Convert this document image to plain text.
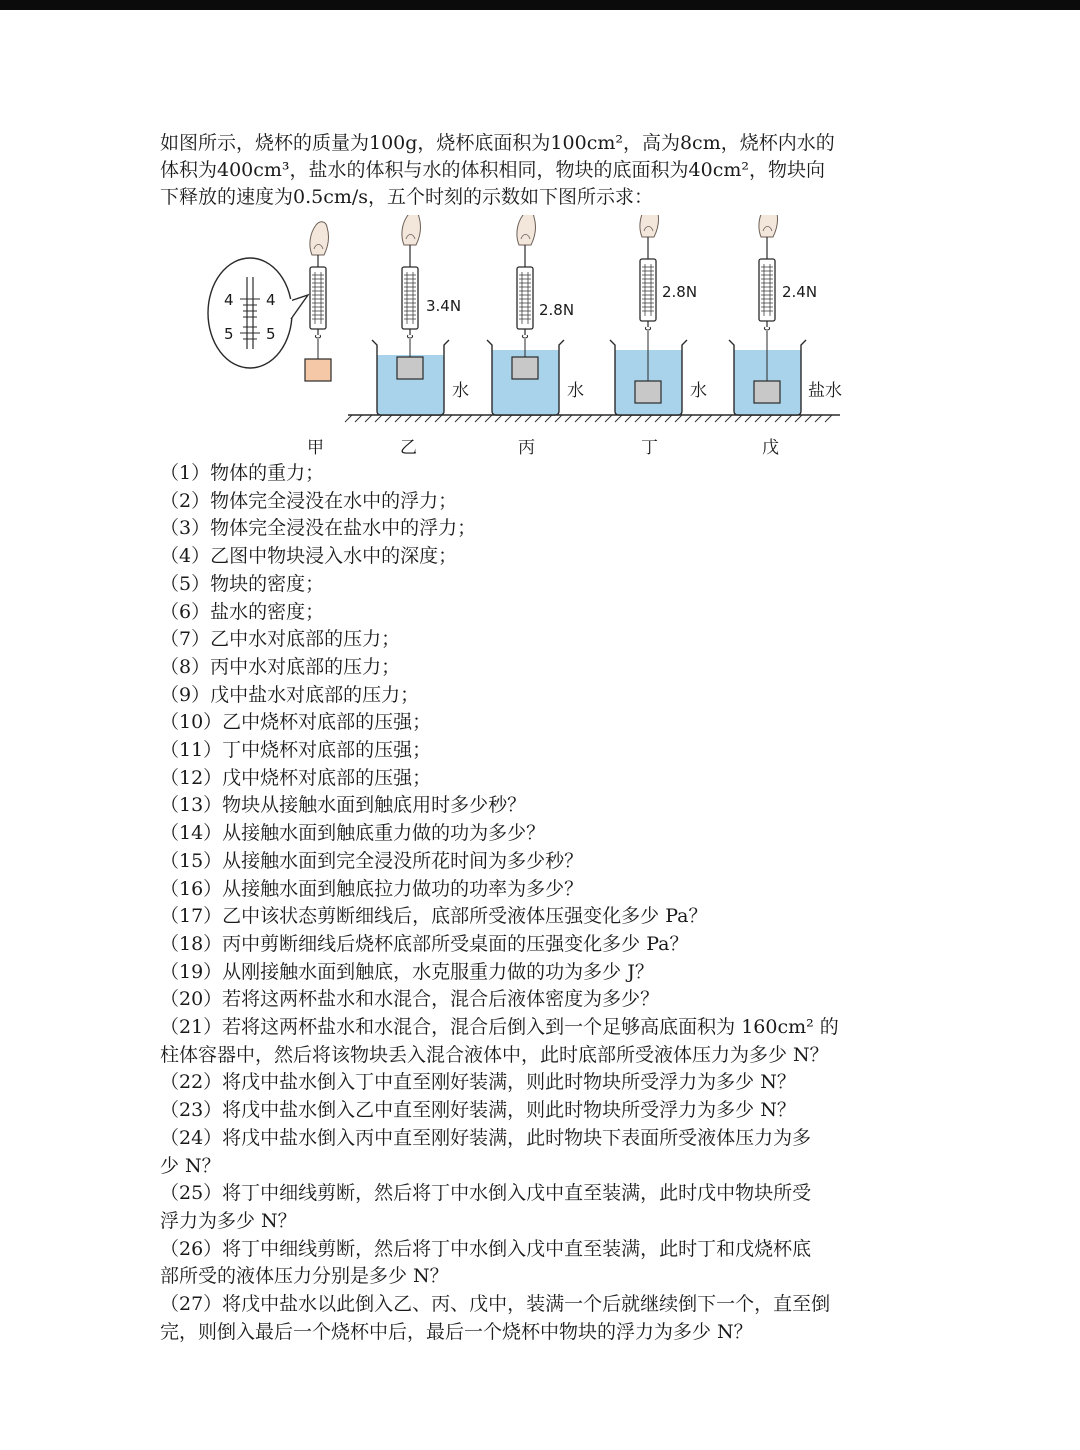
如图所示，烧杯的质量为100g，烧杯底面积为100cm²，高为8cm，烧杯内水的

体积为400cm³，盐水的体积与水的体积相同，物块的底面积为40cm²，物块向

下释放的速度为0.5cm/s，五个时刻的示数如下图所示求：

4 4
5 5
3.4N
水
2.8N
水
2.8N
水
2.4N
盐水
甲	乙	丙	丁	戊
（1）物体的重力；
（2）物体完全浸没在水中的浮力；
（3）物体完全浸没在盐水中的浮力；
（4）乙图中物块浸入水中的深度；
（5）物块的密度；
（6）盐水的密度；
（7）乙中水对底部的压力；
（8）丙中水对底部的压力；
（9）戊中盐水对底部的压力；
（10）乙中烧杯对底部的压强；
（11）丁中烧杯对底部的压强；
（12）戊中烧杯对底部的压强；
（13）物块从接触水面到触底用时多少秒？
（14）从接触水面到触底重力做的功为多少？
（15）从接触水面到完全浸没所花时间为多少秒？
（16）从接触水面到触底拉力做功的功率为多少？
（17）乙中该状态剪断细线后，底部所受液体压强变化多少 Pa？
（18）丙中剪断细线后烧杯底部所受桌面的压强变化多少 Pa？
（19）从刚接触水面到触底，水克服重力做的功为多少 J？
（20）若将这两杯盐水和水混合，混合后液体密度为多少？
（21）若将这两杯盐水和水混合，混合后倒入到一个足够高底面积为 160cm² 的
柱体容器中，然后将该物块丢入混合液体中，此时底部所受液体压力为多少 N？
（22）将戊中盐水倒入丁中直至刚好装满，则此时物块所受浮力为多少 N？
（23）将戊中盐水倒入乙中直至刚好装满，则此时物块所受浮力为多少 N？
（24）将戊中盐水倒入丙中直至刚好装满，此时物块下表面所受液体压力为多
少 N？
（25）将丁中细线剪断，然后将丁中水倒入戊中直至装满，此时戊中物块所受
浮力为多少 N？
（26）将丁中细线剪断，然后将丁中水倒入戊中直至装满，此时丁和戊烧杯底
部所受的液体压力分别是多少 N？
（27）将戊中盐水以此倒入乙、丙、戊中，装满一个后就继续倒下一个，直至倒
完，则倒入最后一个烧杯中后，最后一个烧杯中物块的浮力为多少 N？
